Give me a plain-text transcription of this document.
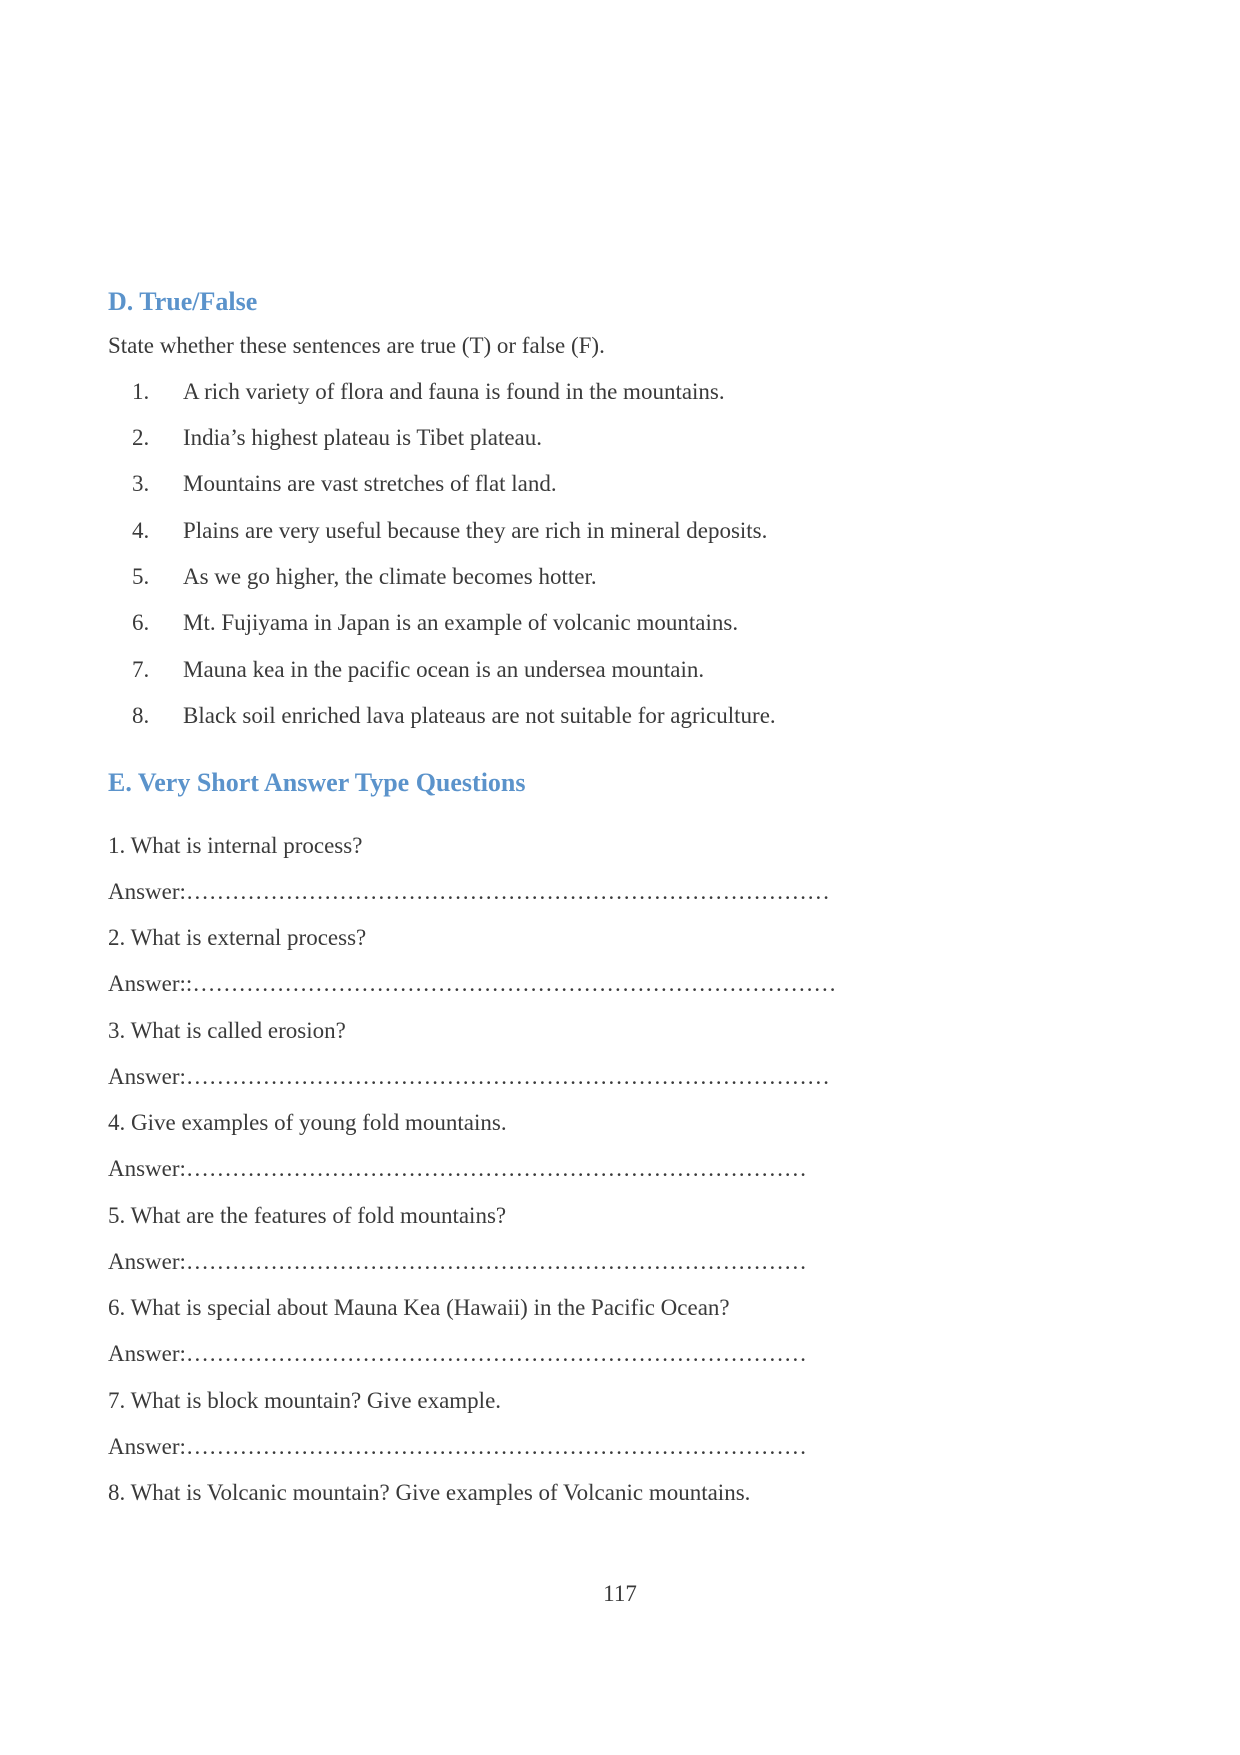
D. True/False

State whether these sentences are true (T) or false (F).

1.	A rich variety of flora and fauna is found in the mountains.
2.	India’s highest plateau is Tibet plateau.
3.	Mountains are vast stretches of flat land.
4.	Plains are very useful because they are rich in mineral deposits.
5.	As we go higher, the climate becomes hotter.
6.	Mt. Fujiyama in Japan is an example of volcanic mountains.
7.	Mauna kea in the pacific ocean is an undersea mountain.
8.	Black soil enriched lava plateaus are not suitable for agriculture.
E. Very Short Answer Type Questions
1. What is internal process?
Answer:…………………………………………………………………………
2. What is external process?
Answer::…………………………………………………………………………
3. What is called erosion?
Answer:…………………………………………………………………………
4. Give examples of young fold mountains.
Answer:………………………………………………………………………
5. What are the features of fold mountains?
Answer:………………………………………………………………………
6. What is special about Mauna Kea (Hawaii) in the Pacific Ocean?
Answer:………………………………………………………………………
7. What is block mountain? Give example.
Answer:………………………………………………………………………
8. What is Volcanic mountain? Give examples of Volcanic mountains.
117
